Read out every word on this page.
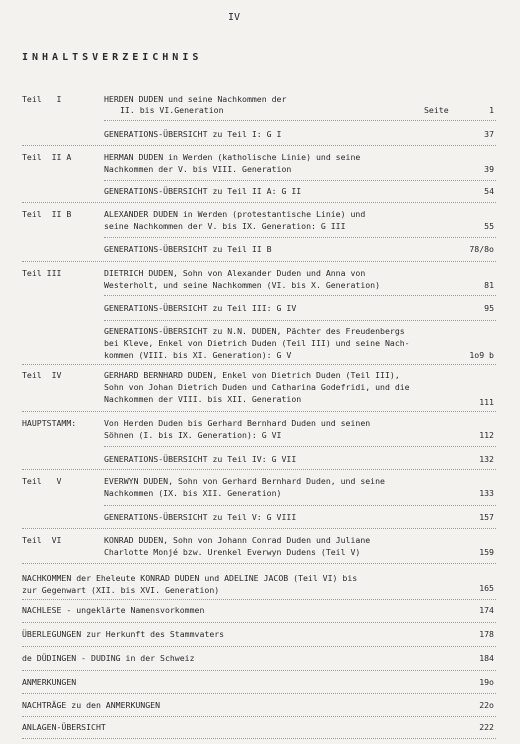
IV
INHALTSVERZEICHNIS
Teil   I	HERDEN DUDEN und seine Nachkommen der
II. bis VI.Generation	Seite	1
GENERATIONS-ÜBERSICHT zu Teil I: G I	37
Teil  II A	HERMAN DUDEN in Werden (katholische Linie) und seine
Nachkommen der V. bis VIII. Generation	39
GENERATIONS-ÜBERSICHT zu Teil II A: G II	54
Teil  II B	ALEXANDER DUDEN in Werden (protestantische Linie) und
seine Nachkommen der V. bis IX. Generation: G III	55
GENERATIONS-ÜBERSICHT zu Teil II B	78/8o
Teil III	DIETRICH DUDEN, Sohn von Alexander Duden und Anna von
Westerholt, und seine Nachkommen (VI. bis X. Generation)	81
GENERATIONS-ÜBERSICHT zu Teil III: G IV	95
GENERATIONS-ÜBERSICHT zu N.N. DUDEN, Pächter des Freudenbergs
bei Kleve, Enkel von Dietrich Duden (Teil III) und seine Nach-
kommen (VIII. bis XI. Generation): G V	1o9 b
Teil  IV	GERHARD BERNHARD DUDEN, Enkel von Dietrich Duden (Teil III),
Sohn von Johan Dietrich Duden und Catharina Godefridi, und die
Nachkommen der VIII. bis XII. Generation	111
HAUPTSTAMM:	Von Herden Duden bis Gerhard Bernhard Duden und seinen
Söhnen (I. bis IX. Generation): G VI	112
GENERATIONS-ÜBERSICHT zu Teil IV: G VII	132
Teil   V	EVERWYN DUDEN, Sohn von Gerhard Bernhard Duden, und seine
Nachkommen (IX. bis XII. Generation)	133
GENERATIONS-ÜBERSICHT zu Teil V: G VIII	157
Teil  VI	KONRAD DUDEN, Sohn von Johann Conrad Duden und Juliane
Charlotte Monjé bzw. Urenkel Everwyn Dudens (Teil V)	159
NACHKOMMEN der Eheleute KONRAD DUDEN und ADELINE JACOB (Teil VI) bis
zur Gegenwart (XII. bis XVI. Generation)	165
NACHLESE - ungeklärte Namensvorkommen	174
ÜBERLEGUNGEN zur Herkunft des Stammvaters	178
de DÜDINGEN - DUDING in der Schweiz	184
ANMERKUNGEN	19o
NACHTRÄGE zu den ANMERKUNGEN	22o
ANLAGEN-ÜBERSICHT	222
